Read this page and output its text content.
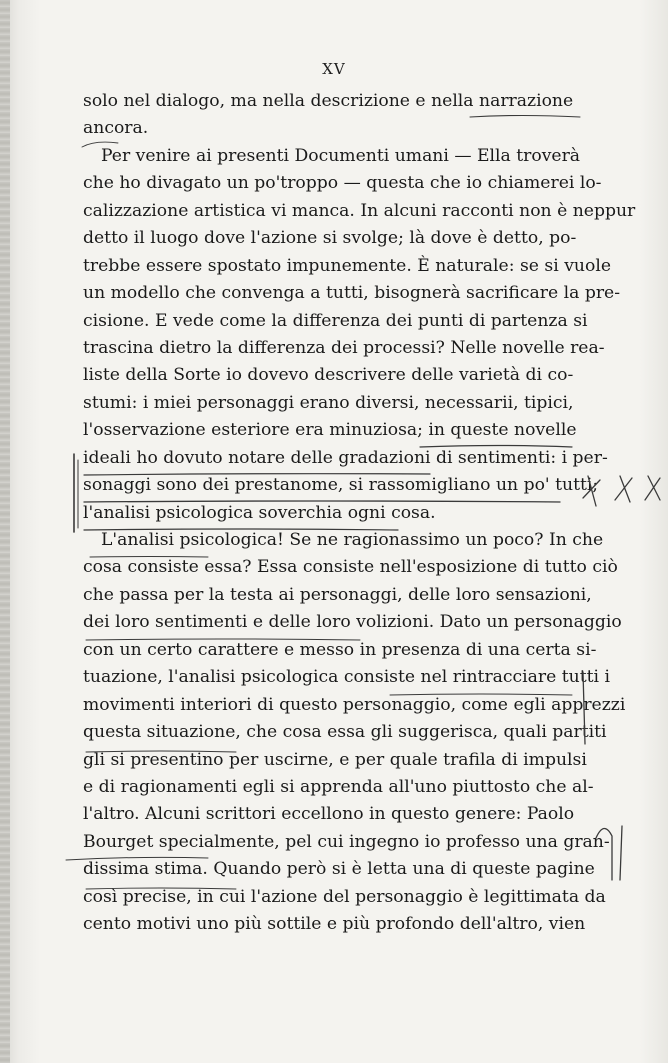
XV
solo nel dialogo, ma nella descrizione e nella narrazione
ancora.
Per venire ai presenti Documenti umani — Ella troverà
che ho divagato un po'troppo — questa che io chiamerei lo-
calizzazione artistica vi manca. In alcuni racconti non è neppur
detto il luogo dove l'azione si svolge; là dove è detto, po-
trebbe essere spostato impunemente. È naturale: se si vuole
un modello che convenga a tutti, bisognerà sacrificare la pre-
cisione. E vede come la differenza dei punti di partenza si
trascina dietro la differenza dei processi? Nelle novelle rea-
liste della Sorte io dovevo descrivere delle varietà di co-
stumi: i miei personaggi erano diversi, necessarii, tipici,
l'osservazione esteriore era minuziosa; in queste novelle
ideali ho dovuto notare delle gradazioni di sentimenti: i per-
sonaggi sono dei prestanome, si rassomigliano un po' tutti;
l'analisi psicologica soverchia ogni cosa.
L'analisi psicologica! Se ne ragionassimo un poco? In che
cosa consiste essa? Essa consiste nell'esposizione di tutto ciò
che passa per la testa ai personaggi, delle loro sensazioni,
dei loro sentimenti e delle loro volizioni. Dato un personaggio
con un certo carattere e messo in presenza di una certa si-
tuazione, l'analisi psicologica consiste nel rintracciare tutti i
movimenti interiori di questo personaggio, come egli apprezzi
questa situazione, che cosa essa gli suggerisca, quali partiti
gli si presentino per uscirne, e per quale trafila di impulsi
e di ragionamenti egli si apprenda all'uno piuttosto che al-
l'altro. Alcuni scrittori eccellono in questo genere: Paolo
Bourget specialmente, pel cui ingegno io professo una gran-
dissima stima. Quando però si è letta una di queste pagine
così precise, in cui l'azione del personaggio è legittimata da
cento motivi uno più sottile e più profondo dell'altro, vien
